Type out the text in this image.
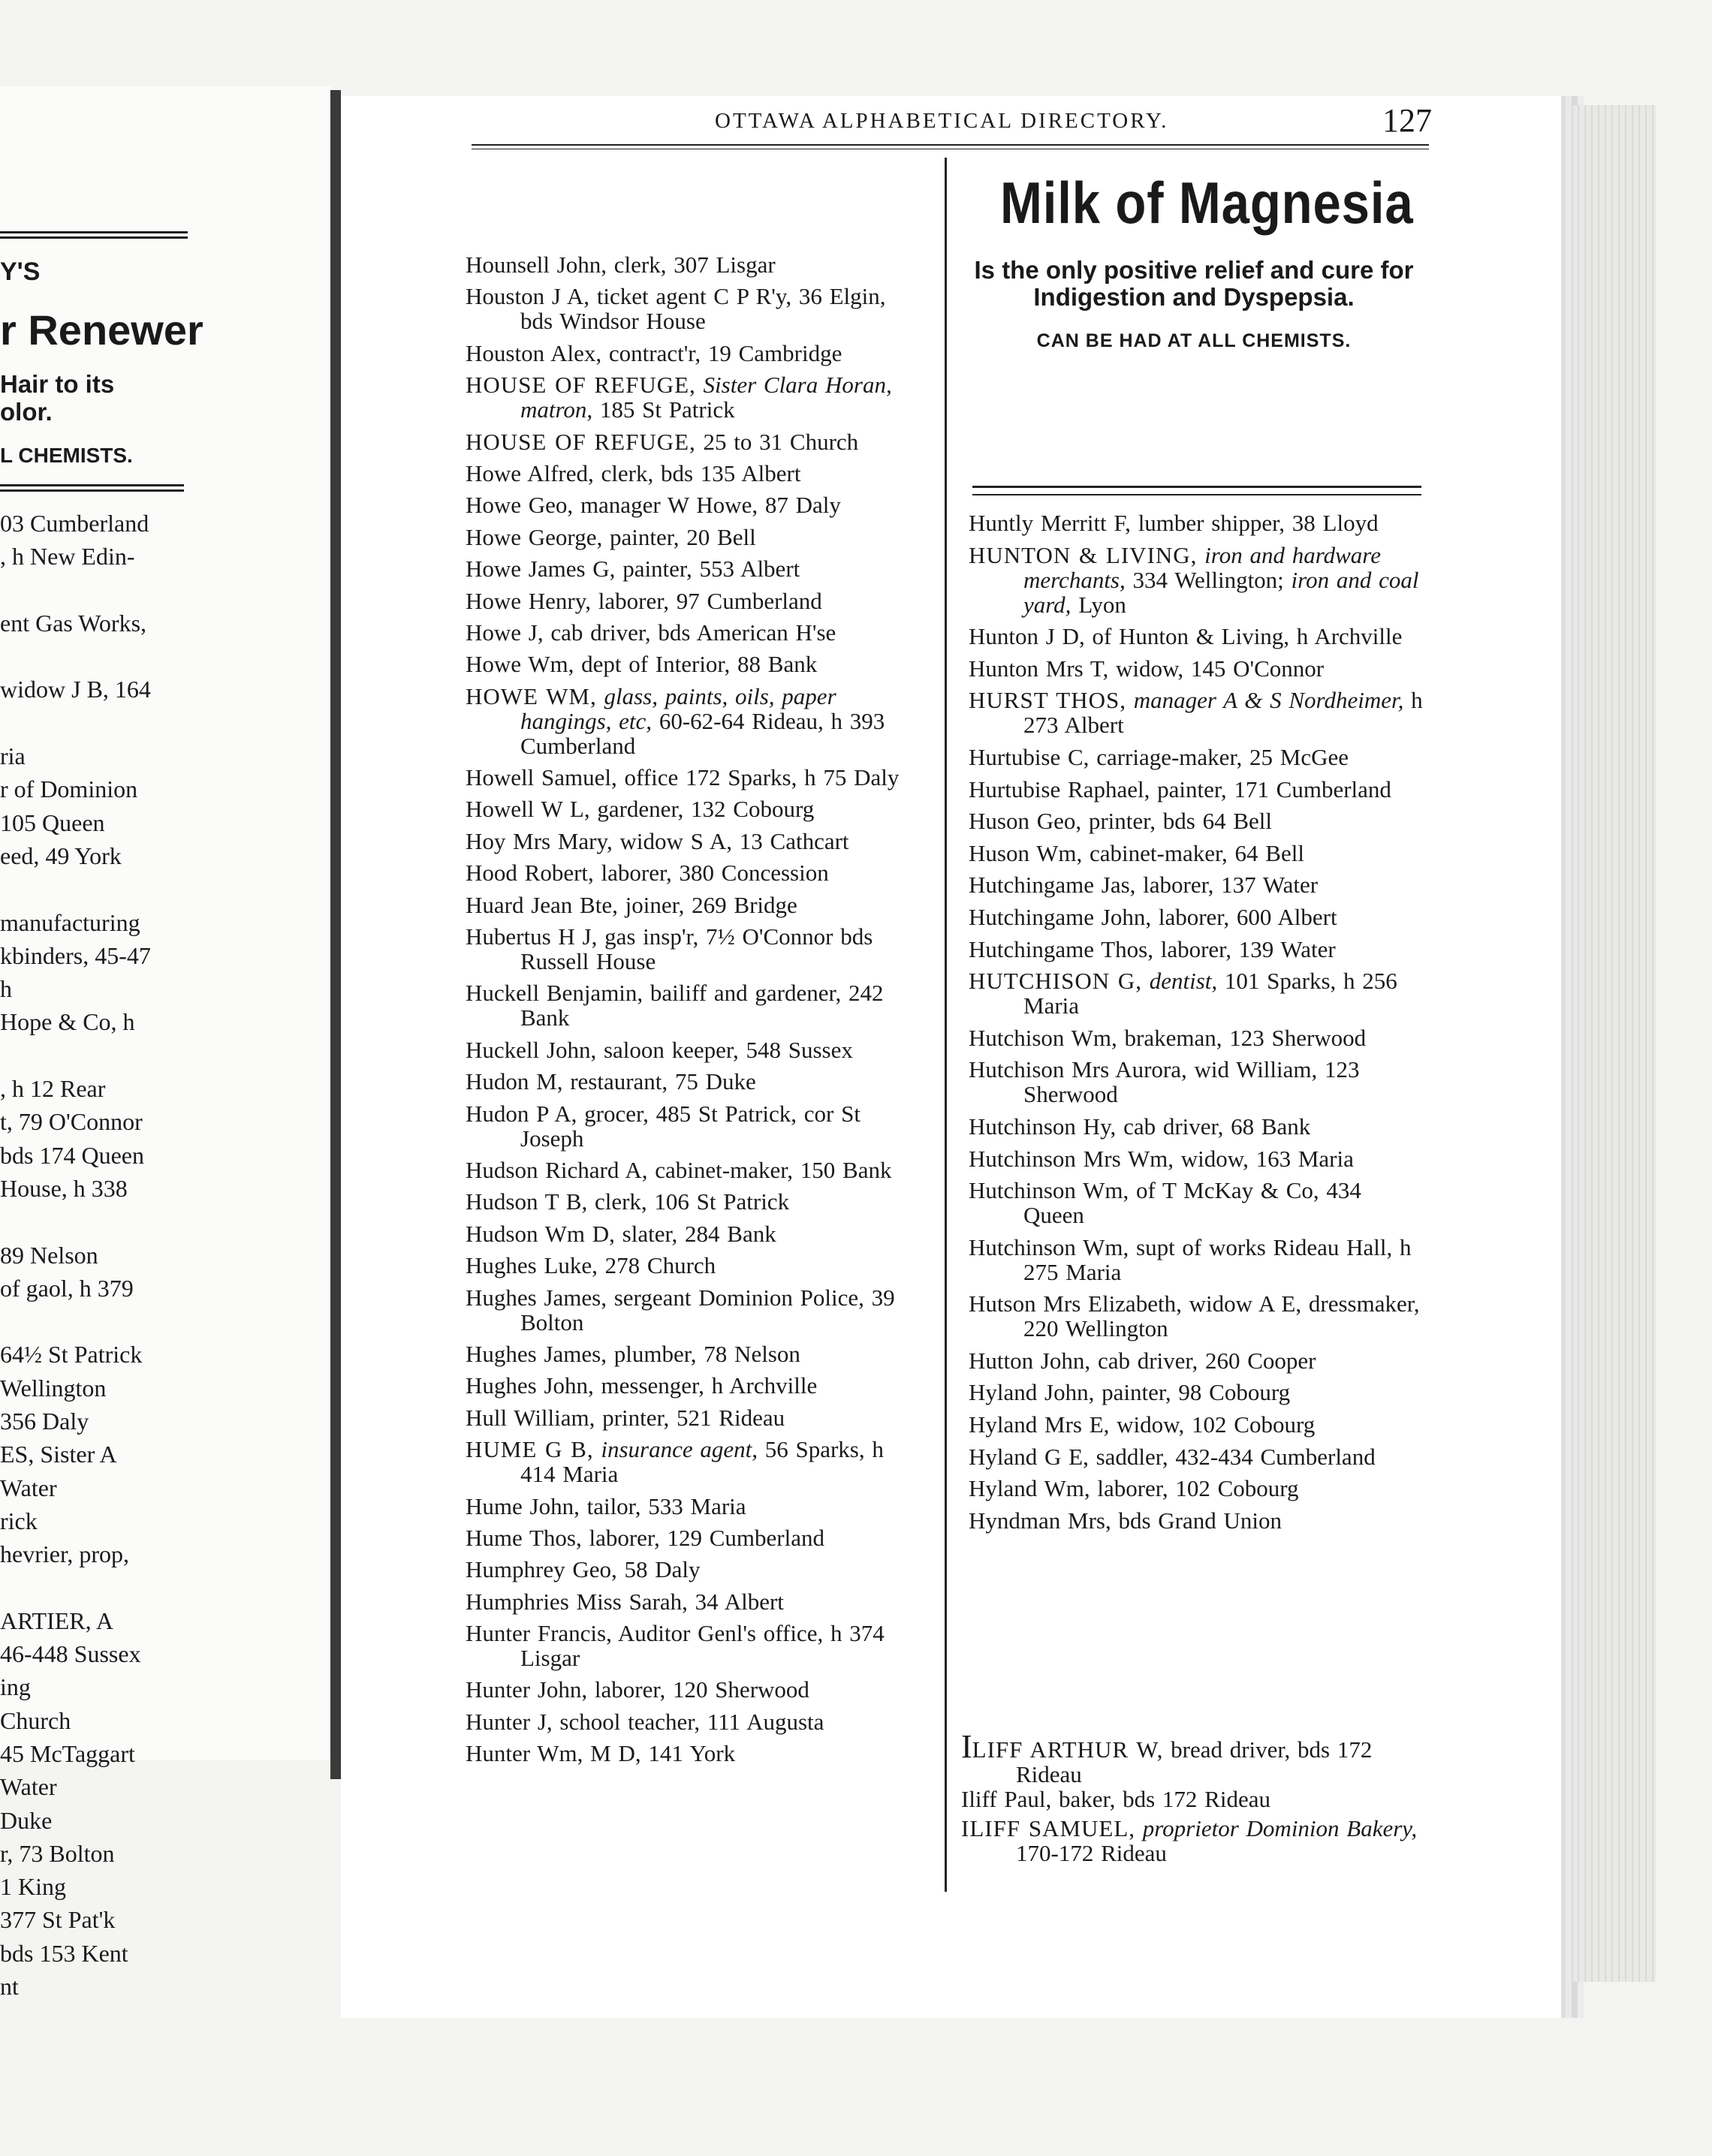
Y'S
r Renewer
Hair to its
olor.
L CHEMISTS.
03 Cumberland
, h New Edin-
ent Gas Works,
widow J B, 164
ria
r of Dominion
105 Queen
eed, 49 York
manufacturing
kbinders, 45-47
h
Hope & Co, h
, h 12 Rear
t, 79 O'Connor
bds 174 Queen
House, h 338
89 Nelson
of gaol, h 379
64½ St Patrick
Wellington
356 Daly
ES, Sister A
Water
rick
hevrier, prop,
ARTIER, A
46-448 Sussex
ing
Church
45 McTaggart
Water
Duke
r, 73 Bolton
1 King
377 St Pat'k
bds 153 Kent
nt
OTTAWA ALPHABETICAL DIRECTORY.	127

Hounsell John, clerk, 307 Lisgar

Houston J A, ticket agent C P R'y, 36 Elgin, bds Windsor House

Houston Alex, contract'r, 19 Cambridge

HOUSE OF REFUGE, Sister Clara Horan, matron, 185 St Patrick

HOUSE OF REFUGE, 25 to 31 Church

Howe Alfred, clerk, bds 135 Albert

Howe Geo, manager W Howe, 87 Daly

Howe George, painter, 20 Bell

Howe James G, painter, 553 Albert

Howe Henry, laborer, 97 Cumberland

Howe J, cab driver, bds American H'se

Howe Wm, dept of Interior, 88 Bank

HOWE WM, glass, paints, oils, paper hangings, etc, 60-62-64 Rideau, h 393 Cumberland

Howell Samuel, office 172 Sparks, h 75 Daly

Howell W L, gardener, 132 Cobourg

Hoy Mrs Mary, widow S A, 13 Cathcart

Hood Robert, laborer, 380 Concession

Huard Jean Bte, joiner, 269 Bridge

Hubertus H J, gas insp'r, 7½ O'Connor bds Russell House

Huckell Benjamin, bailiff and gardener, 242 Bank

Huckell John, saloon keeper, 548 Sussex

Hudon M, restaurant, 75 Duke

Hudon P A, grocer, 485 St Patrick, cor St Joseph

Hudson Richard A, cabinet-maker, 150 Bank

Hudson T B, clerk, 106 St Patrick

Hudson Wm D, slater, 284 Bank

Hughes Luke, 278 Church

Hughes James, sergeant Dominion Police, 39 Bolton

Hughes James, plumber, 78 Nelson

Hughes John, messenger, h Archville

Hull William, printer, 521 Rideau

HUME G B, insurance agent, 56 Sparks, h 414 Maria

Hume John, tailor, 533 Maria

Hume Thos, laborer, 129 Cumberland

Humphrey Geo, 58 Daly

Humphries Miss Sarah, 34 Albert

Hunter Francis, Auditor Genl's office, h 374 Lisgar

Hunter John, laborer, 120 Sherwood

Hunter J, school teacher, 111 Augusta

Hunter Wm, M D, 141 York

Milk of Magnesia
Is the only positive relief and cure for Indigestion and Dyspepsia.
CAN BE HAD AT ALL CHEMISTS.

Huntly Merritt F, lumber shipper, 38 Lloyd

HUNTON & LIVING, iron and hardware merchants, 334 Wellington; iron and coal yard, Lyon

Hunton J D, of Hunton & Living, h Archville

Hunton Mrs T, widow, 145 O'Connor

HURST THOS, manager A & S Nordheimer, h 273 Albert

Hurtubise C, carriage-maker, 25 McGee

Hurtubise Raphael, painter, 171 Cumberland

Huson Geo, printer, bds 64 Bell

Huson Wm, cabinet-maker, 64 Bell

Hutchingame Jas, laborer, 137 Water

Hutchingame John, laborer, 600 Albert

Hutchingame Thos, laborer, 139 Water

HUTCHISON G, dentist, 101 Sparks, h 256 Maria

Hutchison Wm, brakeman, 123 Sherwood

Hutchison Mrs Aurora, wid William, 123 Sherwood

Hutchinson Hy, cab driver, 68 Bank

Hutchinson Mrs Wm, widow, 163 Maria

Hutchinson Wm, of T McKay & Co, 434 Queen

Hutchinson Wm, supt of works Rideau Hall, h 275 Maria

Hutson Mrs Elizabeth, widow A E, dressmaker, 220 Wellington

Hutton John, cab driver, 260 Cooper

Hyland John, painter, 98 Cobourg

Hyland Mrs E, widow, 102 Cobourg

Hyland G E, saddler, 432-434 Cumberland

Hyland Wm, laborer, 102 Cobourg

Hyndman Mrs, bds Grand Union

ILIFF ARTHUR W, bread driver, bds 172 Rideau

Iliff Paul, baker, bds 172 Rideau

ILIFF SAMUEL, proprietor Dominion Bakery, 170-172 Rideau
